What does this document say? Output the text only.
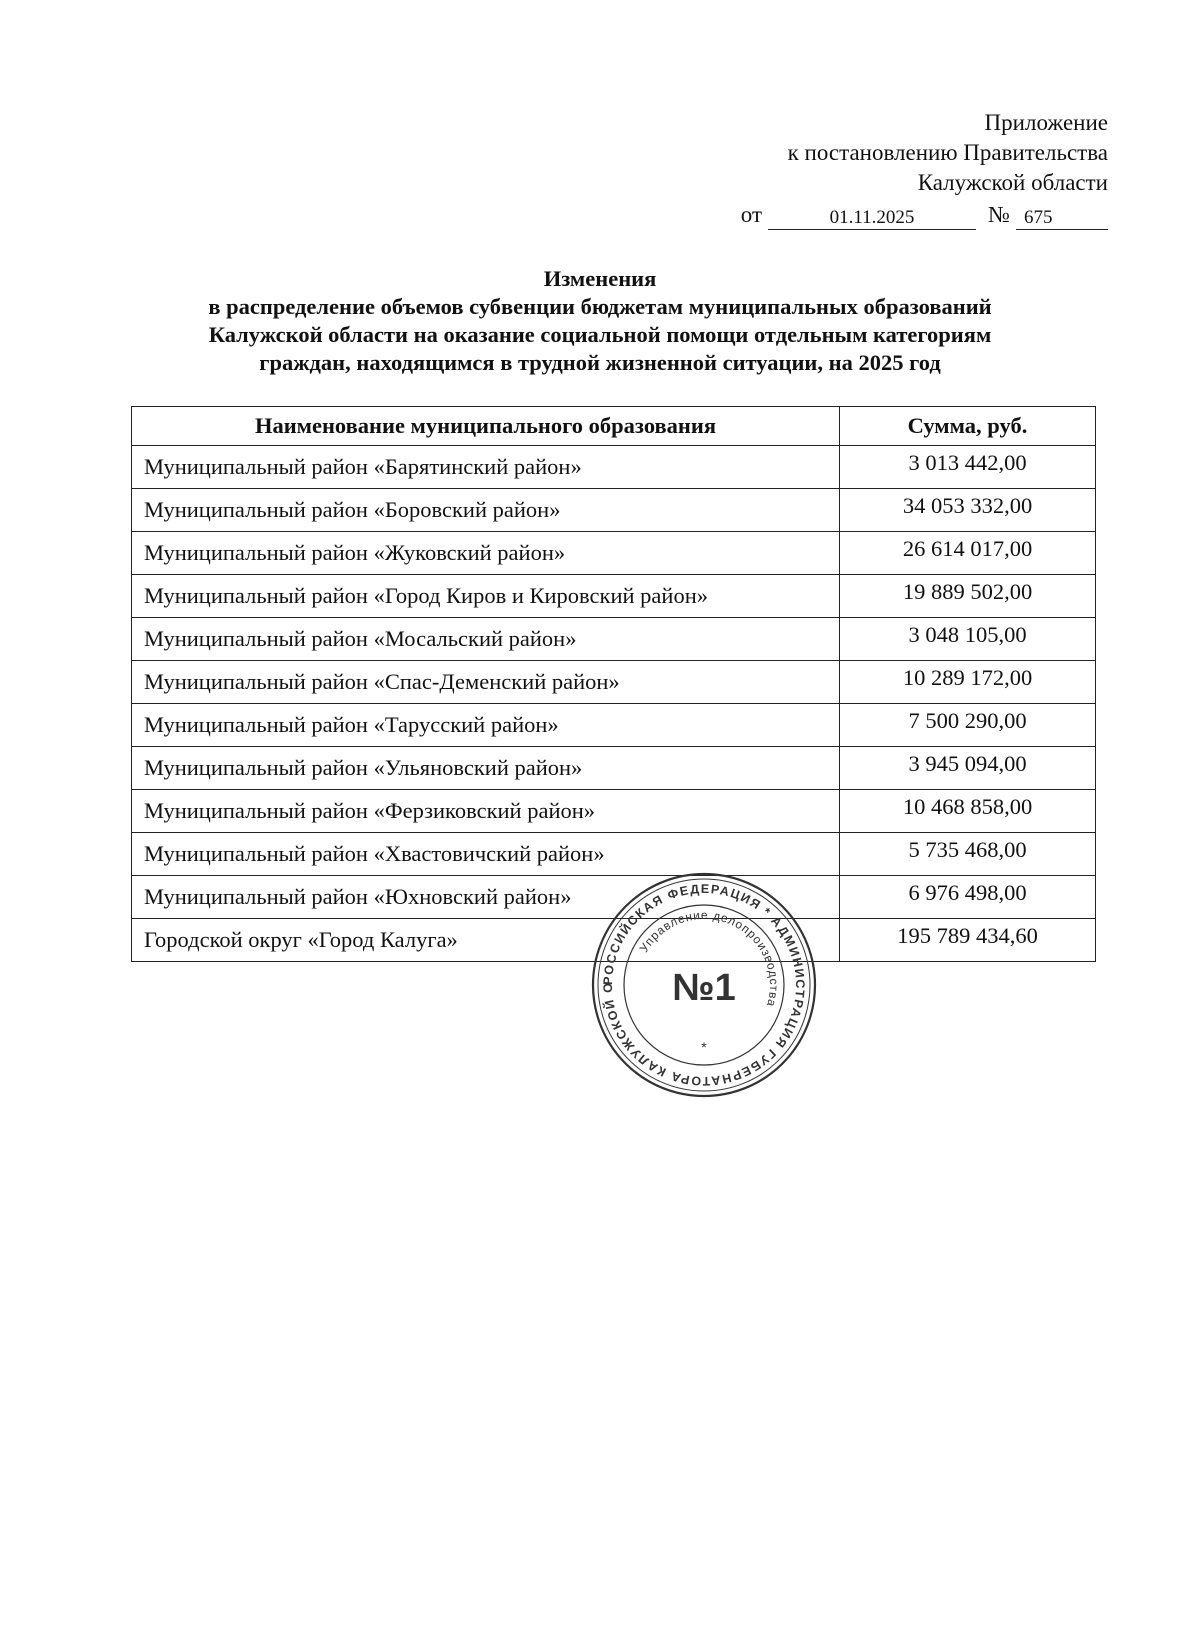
Приложение
к постановлению Правительства
Калужской области
от	01.11.2025	№ 675
Изменения
в распределение объемов субвенции бюджетам муниципальных образований
Калужской области на оказание социальной помощи отдельным категориям
граждан, находящимся в трудной жизненной ситуации, на 2025 год
Наименование муниципального образования	Сумма, руб.
Муниципальный район «Барятинский район»	3 013 442,00
Муниципальный район «Боровский район»	34 053 332,00
Муниципальный район «Жуковский район»	26 614 017,00
Муниципальный район «Город Киров и Кировский район»	19 889 502,00
Муниципальный район «Мосальский район»	3 048 105,00
Муниципальный район «Спас-Деменский район»	10 289 172,00
Муниципальный район «Тарусский район»	7 500 290,00
Муниципальный район «Ульяновский район»	3 945 094,00
Муниципальный район «Ферзиковский район»	10 468 858,00
Муниципальный район «Хвастовичский район»	5 735 468,00
Муниципальный район «Юхновский район»	6 976 498,00
Городской округ «Город Калуга»	195 789 434,60
РОССИЙСКАЯ ФЕДЕРАЦИЯ * АДМИНИСТРАЦИЯ ГУБЕРНАТОРА КАЛУЖСКОЙ О
Управление делопроизводства
№1
*
